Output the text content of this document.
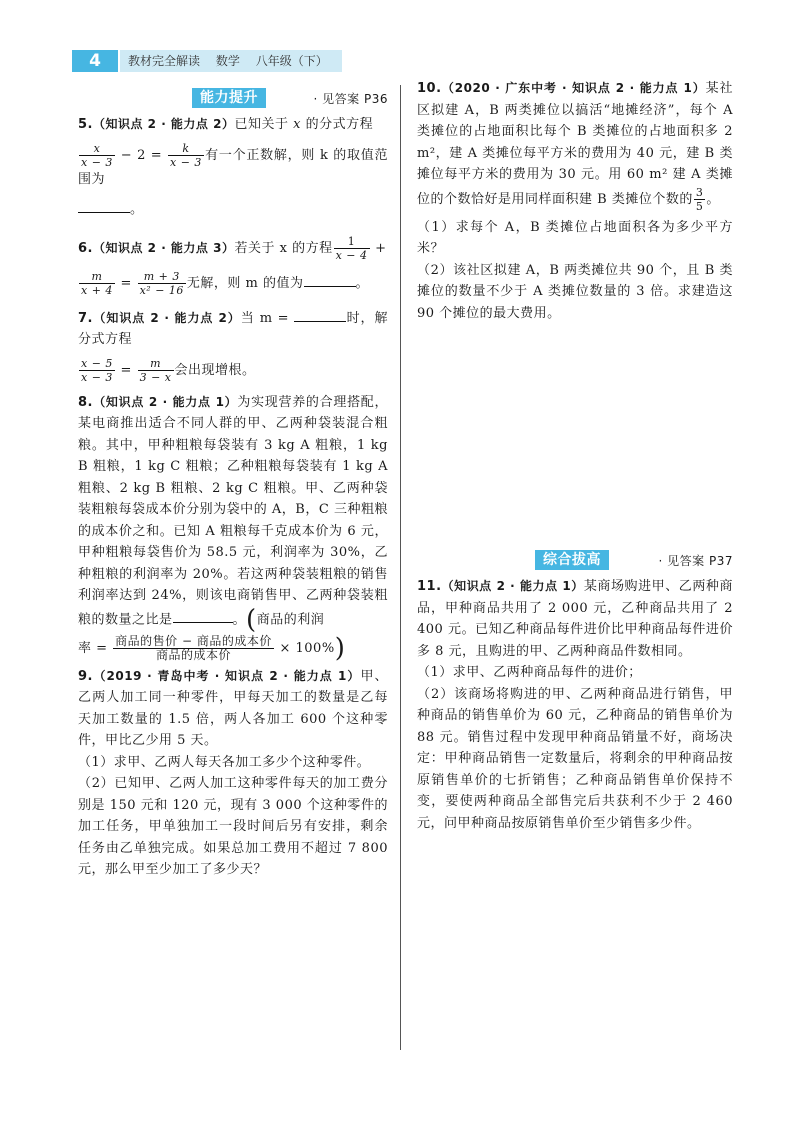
4	教材完全解读 数学 八年级（下）
能力提升	· 见答案 P36
5.（知识点 2 · 能力点 2）已知关于 x 的分式方程
$\frac{x}{x - 3} - 2 = \frac{k}{x - 3}$ 有一个正数解，则 k 的取值范围为
。
6.（知识点 2 · 能力点 3）若关于 x 的方程 $\frac{1}{x - 4}$ +
$\frac{m}{x + 4} = \frac{m + 3}{\text{x² − 16}}$ 无解，则 m 的值为	。
7.（知识点 2 · 能力点 2）当 m =	时，解分式方程
$\frac{x - 5}{x - 3} = \frac{m}{3 - x}$ 会出现增根。
8.（知识点 2 · 能力点 1）为实现营养的合理搭配，某电商推出适合不同人群的甲、乙两种袋装混合粗粮。其中，甲种粗粮每袋装有 3 kg A 粗粮，1 kg B 粗粮，1 kg C 粗粮；乙种粗粮每袋装有 1 kg A 粗粮、2 kg B 粗粮、2 kg C 粗粮。甲、乙两种袋装粗粮每袋成本价分别为袋中的 A，B，C 三种粗粮的成本价之和。已知 A 粗粮每千克成本价为 6 元，甲种粗粮每袋售价为 58.5 元，利润率为 30%，乙种粗粮的利润率为 20%。若这两种袋装粗粮的销售利润率达到 24%，则该电商销售甲、乙两种袋装粗粮的数量之比是	。(商品的利润
率 = $\frac{\text{商品的售价 − 商品的成本价}}{\text{商品的成本价}} \times 100\%$)
9.（2019 · 青岛中考 · 知识点 2 · 能力点 1）甲、乙两人加工同一种零件，甲每天加工的数量是乙每天加工数量的 1.5 倍，两人各加工 600 个这种零件，甲比乙少用 5 天。
（1）求甲、乙两人每天各加工多少个这种零件。
（2）已知甲、乙两人加工这种零件每天的加工费分别是 150 元和 120 元，现有 3 000 个这种零件的加工任务，甲单独加工一段时间后另有安排，剩余任务由乙单独完成。如果总加工费用不超过 7 800 元，那么甲至少加工了多少天？
10.（2020 · 广东中考 · 知识点 2 · 能力点 1）某社区拟建 A，B 两类摊位以搞活“地摊经济”，每个 A 类摊位的占地面积比每个 B 类摊位的占地面积多 2 m²，建 A 类摊位每平方米的费用为 40 元，建 B 类摊位每平方米的费用为 30 元。用 60 m² 建 A 类摊位的个数恰好是用同样面积建 B 类摊位个数的 $\frac{3}{5}$ 。
（1）求每个 A，B 类摊位占地面积各为多少平方米？
（2）该社区拟建 A，B 两类摊位共 90 个，且 B 类摊位的数量不少于 A 类摊位数量的 3 倍。求建造这 90 个摊位的最大费用。
综合拔高	· 见答案 P37
11.（知识点 2 · 能力点 1）某商场购进甲、乙两种商品，甲种商品共用了 2 000 元，乙种商品共用了 2 400 元。已知乙种商品每件进价比甲种商品每件进价多 8 元，且购进的甲、乙两种商品件数相同。
（1）求甲、乙两种商品每件的进价；
（2）该商场将购进的甲、乙两种商品进行销售，甲种商品的销售单价为 60 元，乙种商品的销售单价为 88 元。销售过程中发现甲种商品销量不好，商场决定：甲种商品销售一定数量后，将剩余的甲种商品按原销售单价的七折销售；乙种商品销售单价保持不变，要使两种商品全部售完后共获利不少于 2 460 元，问甲种商品按原销售单价至少销售多少件。
